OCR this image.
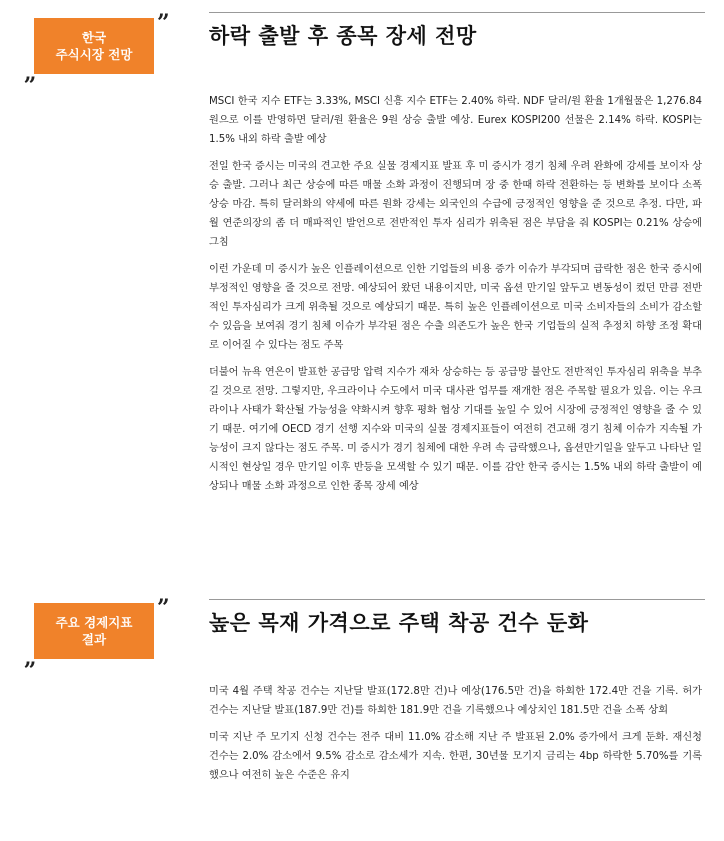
한국
주식시장 전망
”
„
하락 출발 후 종목 장세 전망

MSCI 한국 지수 ETF는 3.33%, MSCI 신흥 지수 ETF는 2.40% 하락. NDF 달러/원 환율 1개월물은 1,276.84원으로 이를 반영하면 달러/원 환율은 9원 상승 출발 예상. Eurex KOSPI200 선물은 2.14% 하락. KOSPI는 1.5% 내외 하락 출발 예상

전일 한국 증시는 미국의 견고한 주요 실물 경제지표 발표 후 미 증시가 경기 침체 우려 완화에 강세를 보이자 상승 출발. 그러나 최근 상승에 따른 매물 소화 과정이 진행되며 장 중 한때 하락 전환하는 등 변화를 보이다 소폭 상승 마감. 특히 달러화의 약세에 따른 원화 강세는 외국인의 수급에 긍정적인 영향을 준 것으로 추정. 다만, 파월 연준의장의 좀 더 매파적인 발언으로 전반적인 투자 심리가 위축된 점은 부담을 줘 KOSPI는 0.21% 상승에 그침

이런 가운데 미 증시가 높은 인플레이션으로 인한 기업들의 비용 증가 이슈가 부각되며 급락한 점은 한국 증시에 부정적인 영향을 줄 것으로 전망. 예상되어 왔던 내용이지만, 미국 옵션 만기일 앞두고 변동성이 컸던 만큼 전반적인 투자심리가 크게 위축될 것으로 예상되기 때문. 특히 높은 인플레이션으로 미국 소비자들의 소비가 감소할 수 있음을 보여줘 경기 침체 이슈가 부각된 점은 수출 의존도가 높은 한국 기업들의 실적 추정치 하향 조정 확대로 이어질 수 있다는 점도 주목

더불어 뉴욕 연은이 발표한 공급망 압력 지수가 재차 상승하는 등 공급망 불안도 전반적인 투자심리 위축을 부추길 것으로 전망. 그렇지만, 우크라이나 수도에서 미국 대사관 업무를 재개한 점은 주목할 필요가 있음. 이는 우크라이나 사태가 확산될 가능성을 약화시켜 향후 평화 협상 기대를 높일 수 있어 시장에 긍정적인 영향을 줄 수 있기 때문. 여기에 OECD 경기 선행 지수와 미국의 실물 경제지표들이 여전히 견고해 경기 침체 이슈가 지속될 가능성이 크지 않다는 점도 주목. 미 증시가 경기 침체에 대한 우려 속 급락했으나, 옵션만기일을 앞두고 나타난 일시적인 현상일 경우 만기일 이후 반등을 모색할 수 있기 때문. 이를 감안 한국 증시는 1.5% 내외 하락 출발이 예상되나 매물 소화 과정으로 인한 종목 장세 예상

주요 경제지표
결과
”
„
높은 목재 가격으로 주택 착공 건수 둔화

미국 4월 주택 착공 건수는 지난달 발표(172.8만 건)나 예상(176.5만 건)을 하회한 172.4만 건을 기록. 허가 건수는 지난달 발표(187.9만 건)를 하회한 181.9만 건을 기록했으나 예상치인 181.5만 건을 소폭 상회

미국 지난 주 모기지 신청 건수는 전주 대비 11.0% 감소해 지난 주 발표된 2.0% 증가에서 크게 둔화. 재신청 건수는 2.0% 감소에서 9.5% 감소로 감소세가 지속. 한편, 30년물 모기지 금리는 4bp 하락한 5.70%를 기록했으나 여전히 높은 수준은 유지
